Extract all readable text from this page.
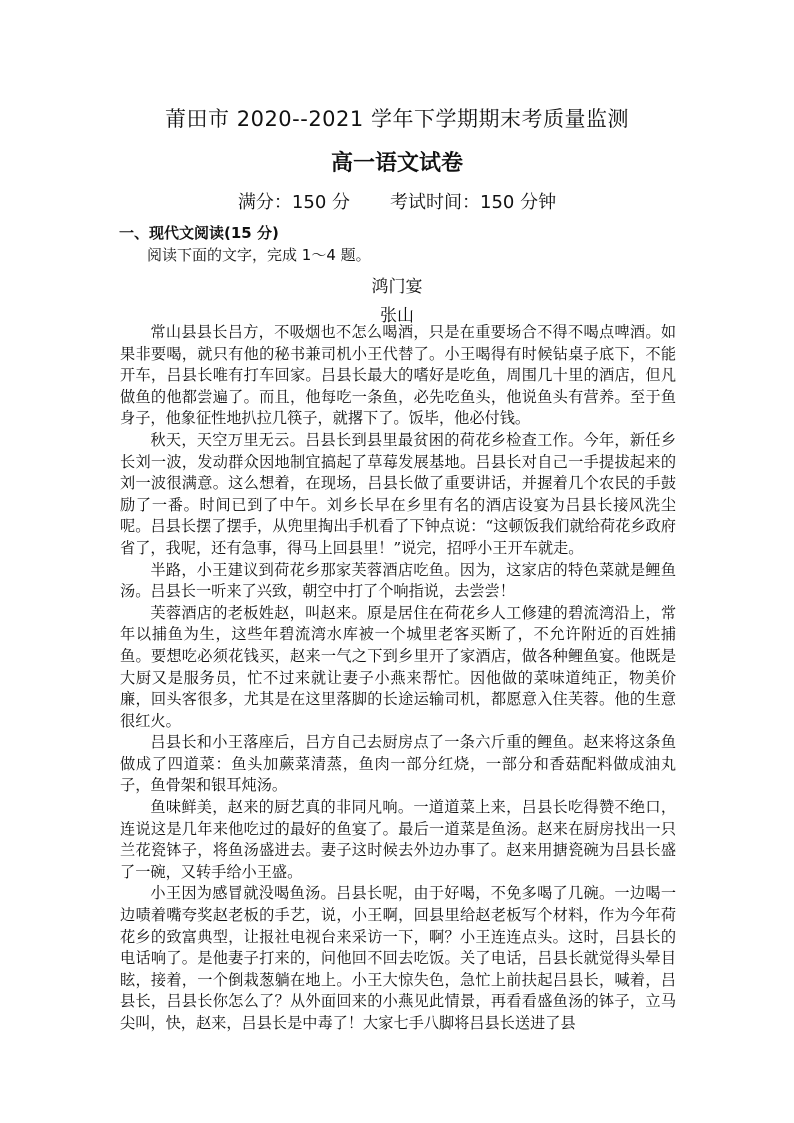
莆田市 2020--2021 学年下学期期末考质量监测
高一语文试卷
满分：150 分 考试时间：150 分钟
一、现代文阅读(15 分)
阅读下面的文字，完成 1～4 题。
鸿门宴
张山

常山县县长吕方，不吸烟也不怎么喝酒，只是在重要场合不得不喝点啤酒。如果非要喝，就只有他的秘书兼司机小王代替了。小王喝得有时候钻桌子底下，不能开车，吕县长唯有打车回家。吕县长最大的嗜好是吃鱼，周围几十里的酒店，但凡做鱼的他都尝遍了。而且，他每吃一条鱼，必先吃鱼头，他说鱼头有营养。至于鱼身子，他象征性地扒拉几筷子，就撂下了。饭毕，他必付钱。

秋天，天空万里无云。吕县长到县里最贫困的荷花乡检查工作。今年，新任乡长刘一波，发动群众因地制宜搞起了草莓发展基地。吕县长对自己一手提拔起来的刘一波很满意。这么想着，在现场，吕县长做了重要讲话，并握着几个农民的手鼓励了一番。时间已到了中午。刘乡长早在乡里有名的酒店设宴为吕县长接风洗尘呢。吕县长摆了摆手，从兜里掏出手机看了下钟点说：“这顿饭我们就给荷花乡政府省了，我呢，还有急事，得马上回县里！”说完，招呼小王开车就走。

半路，小王建议到荷花乡那家芙蓉酒店吃鱼。因为，这家店的特色菜就是鲤鱼汤。吕县长一听来了兴致，朝空中打了个响指说，去尝尝！

芙蓉酒店的老板姓赵，叫赵来。原是居住在荷花乡人工修建的碧流湾沿上，常年以捕鱼为生，这些年碧流湾水库被一个城里老客买断了，不允许附近的百姓捕鱼。要想吃必须花钱买，赵来一气之下到乡里开了家酒店，做各种鲤鱼宴。他既是大厨又是服务员，忙不过来就让妻子小燕来帮忙。因他做的菜味道纯正，物美价廉，回头客很多，尤其是在这里落脚的长途运输司机，都愿意入住芙蓉。他的生意很红火。

吕县长和小王落座后，吕方自己去厨房点了一条六斤重的鲤鱼。赵来将这条鱼做成了四道菜：鱼头加蕨菜清蒸，鱼肉一部分红烧，一部分和香菇配料做成油丸子，鱼骨架和银耳炖汤。

鱼味鲜美，赵来的厨艺真的非同凡响。一道道菜上来，吕县长吃得赞不绝口，连说这是几年来他吃过的最好的鱼宴了。最后一道菜是鱼汤。赵来在厨房找出一只兰花瓷钵子，将鱼汤盛进去。妻子这时候去外边办事了。赵来用搪瓷碗为吕县长盛了一碗，又转手给小王盛。

小王因为感冒就没喝鱼汤。吕县长呢，由于好喝，不免多喝了几碗。一边喝一边啧着嘴夸奖赵老板的手艺，说，小王啊，回县里给赵老板写个材料，作为今年荷花乡的致富典型，让报社电视台来采访一下，啊？小王连连点头。这时，吕县长的电话响了。是他妻子打来的，问他回不回去吃饭。关了电话，吕县长就觉得头晕目眩，接着，一个倒栽葱躺在地上。小王大惊失色，急忙上前扶起吕县长，喊着，吕县长，吕县长你怎么了？从外面回来的小燕见此情景，再看看盛鱼汤的钵子，立马尖叫，快，赵来，吕县长是中毒了！大家七手八脚将吕县长送进了县
